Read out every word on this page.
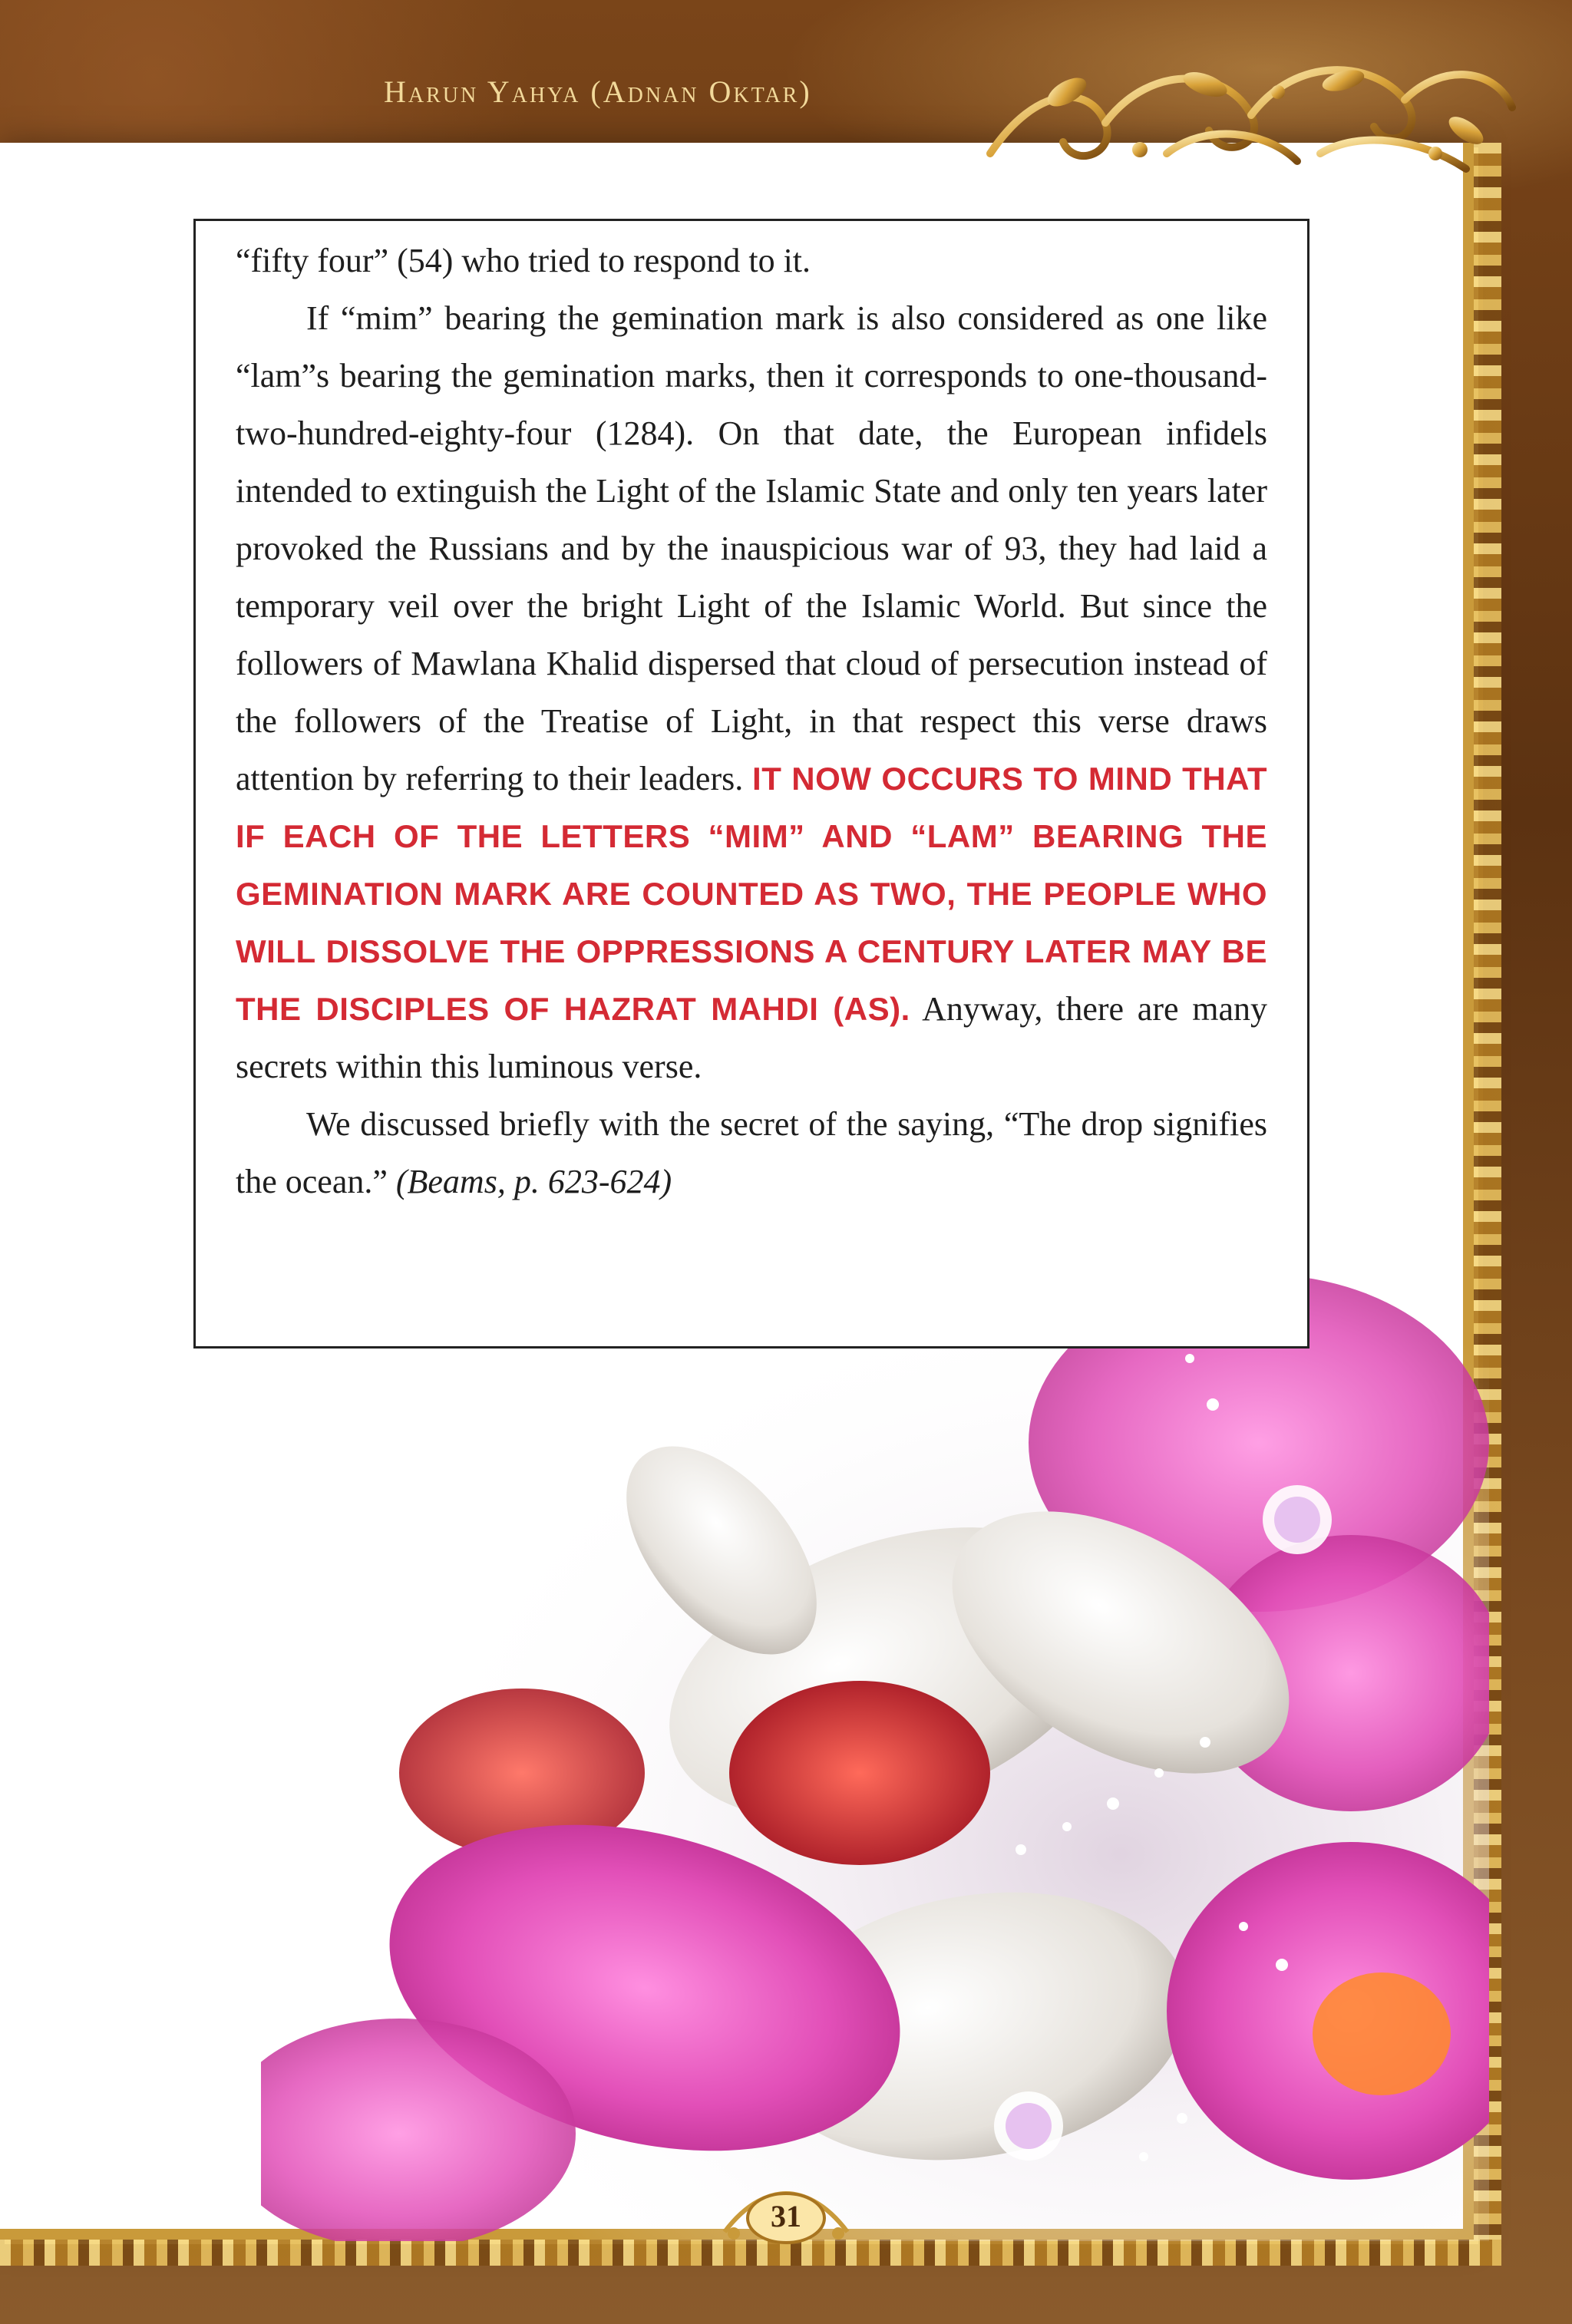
Harun Yahya (Adnan Oktar)

“fifty four” (54) who tried to respond to it.

If “mim” bearing the gemination mark is also considered as one like “lam”s bearing the gemination marks, then it corresponds to one-thousand-two-hundred-eighty-four (1284). On that date, the European infidels intended to extinguish the Light of the Islamic State and only ten years later provoked the Russians and by the inauspicious war of 93, they had laid a temporary veil over the bright Light of the Islamic World. But since the followers of Mawlana Khalid dispersed that cloud of persecution instead of the followers of the Treatise of Light, in that respect this verse draws attention by referring to their leaders. IT NOW OCCURS TO MIND THAT IF EACH OF THE LETTERS “MIM” AND “LAM” BEARING THE GEMINATION MARK ARE COUNTED AS TWO, THE PEOPLE WHO WILL DISSOLVE THE OPPRESSIONS A CENTURY LATER MAY BE THE DISCIPLES OF HAZRAT MAHDI (AS). Anyway, there are many secrets within this luminous verse.

We discussed briefly with the secret of the saying, “The drop signifies the ocean.” (Beams, p. 623-624)

31
